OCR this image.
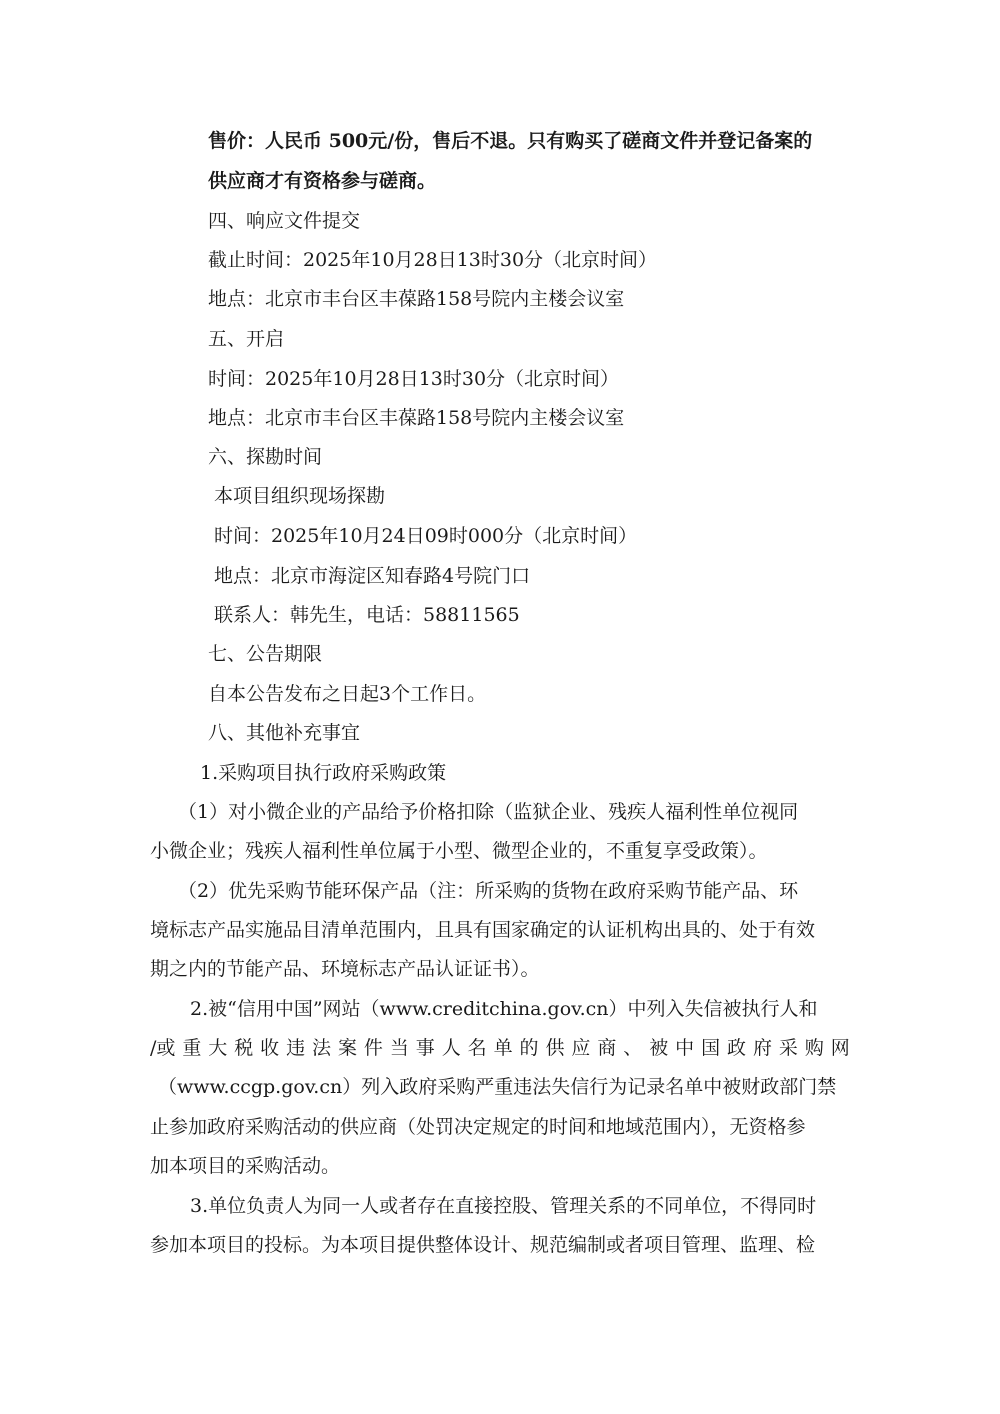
售价：人民币 500元/份，售后不退。只有购买了磋商文件并登记备案的
供应商才有资格参与磋商。
四、响应文件提交
截止时间：2025年10月28日13时30分（北京时间）
地点：北京市丰台区丰葆路158号院内主楼会议室
五、开启
时间：2025年10月28日13时30分（北京时间）
地点：北京市丰台区丰葆路158号院内主楼会议室
六、探勘时间
本项目组织现场探勘
时间：2025年10月24日09时000分（北京时间）
地点：北京市海淀区知春路4号院门口
联系人：韩先生，电话：58811565
七、公告期限
自本公告发布之日起3个工作日。
八、其他补充事宜
1.采购项目执行政府采购政策
（1）对小微企业的产品给予价格扣除（监狱企业、残疾人福利性单位视同
小微企业；残疾人福利性单位属于小型、微型企业的，不重复享受政策）。
（2）优先采购节能环保产品（注：所采购的货物在政府采购节能产品、环
境标志产品实施品目清单范围内，且具有国家确定的认证机构出具的、处于有效
期之内的节能产品、环境标志产品认证证书）。
2.被“信用中国”网站（www.creditchina.gov.cn）中列入失信被执行人和
/或 重 大 税 收 违 法 案 件 当 事 人 名 单 的 供 应 商 、 被 中 国 政 府 采 购 网
（www.ccgp.gov.cn）列入政府采购严重违法失信行为记录名单中被财政部门禁
止参加政府采购活动的供应商（处罚决定规定的时间和地域范围内），无资格参
加本项目的采购活动。
3.单位负责人为同一人或者存在直接控股、管理关系的不同单位，不得同时
参加本项目的投标。为本项目提供整体设计、规范编制或者项目管理、监理、检
